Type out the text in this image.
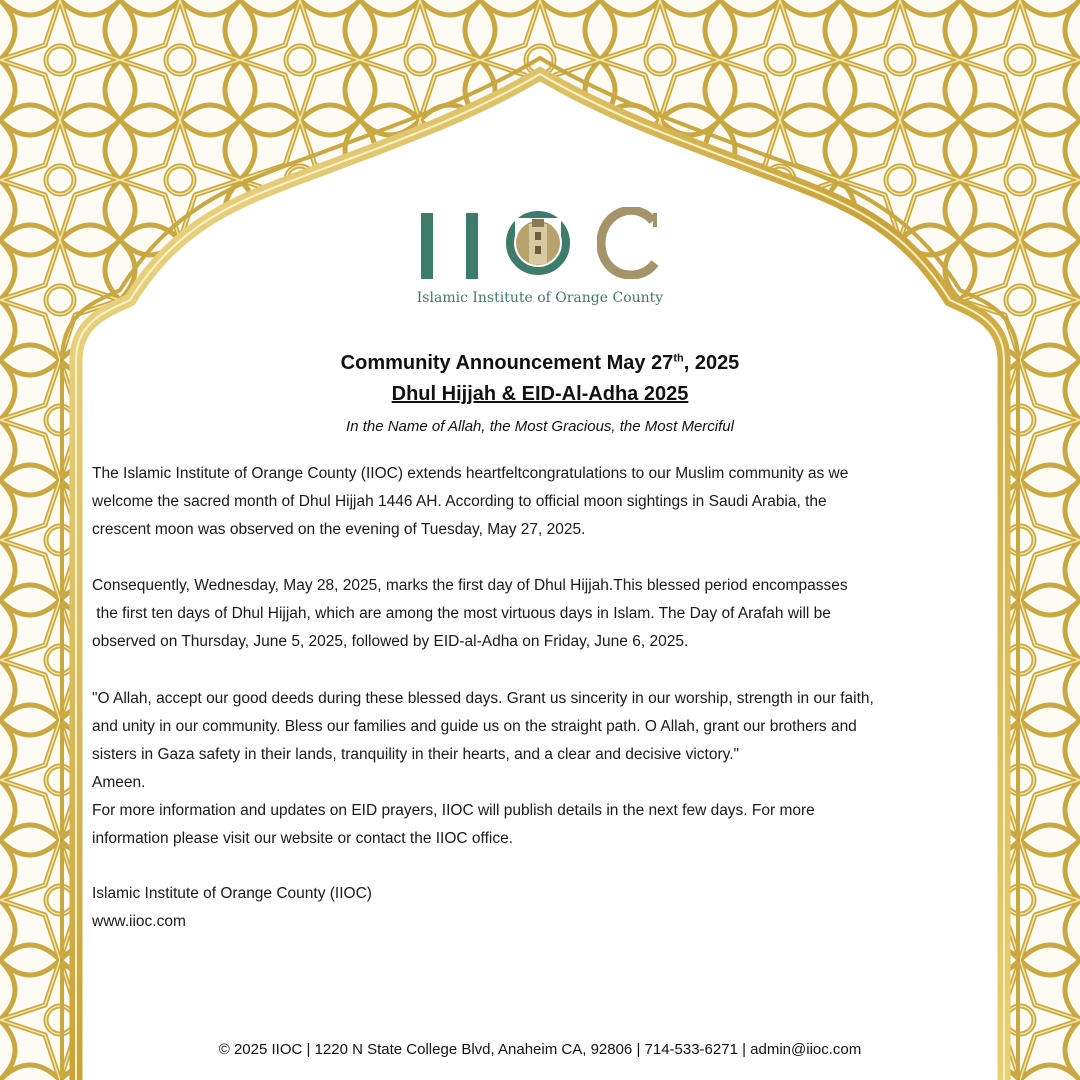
Islamic Institute of Orange County
Community Announcement May 27th, 2025
Dhul Hijjah & EID-Al-Adha 2025
In the Name of Allah, the Most Gracious, the Most Merciful

The Islamic Institute of Orange County (IIOC) extends heartfeltcongratulations to our Muslim community as we

welcome the sacred month of Dhul Hijjah 1446 AH. According to official moon sightings in Saudi Arabia, the

crescent moon was observed on the evening of Tuesday, May 27, 2025.

Consequently, Wednesday, May 28, 2025, marks the first day of Dhul Hijjah.This blessed period encompasses

the first ten days of Dhul Hijjah, which are among the most virtuous days in Islam. The Day of Arafah will be

observed on Thursday, June 5, 2025, followed by EID-al-Adha on Friday, June 6, 2025.

"O Allah, accept our good deeds during these blessed days. Grant us sincerity in our worship, strength in our faith,

and unity in our community. Bless our families and guide us on the straight path. O Allah, grant our brothers and

sisters in Gaza safety in their lands, tranquility in their hearts, and a clear and decisive victory."

Ameen.

For more information and updates on EID prayers, IIOC will publish details in the next few days. For more

information please visit our website or contact the IIOC office.

Islamic Institute of Orange County (IIOC)

www.iioc.com

© 2025 IIOC | 1220 N State College Blvd, Anaheim CA, 92806 | 714-533-6271 | admin@iioc.com
